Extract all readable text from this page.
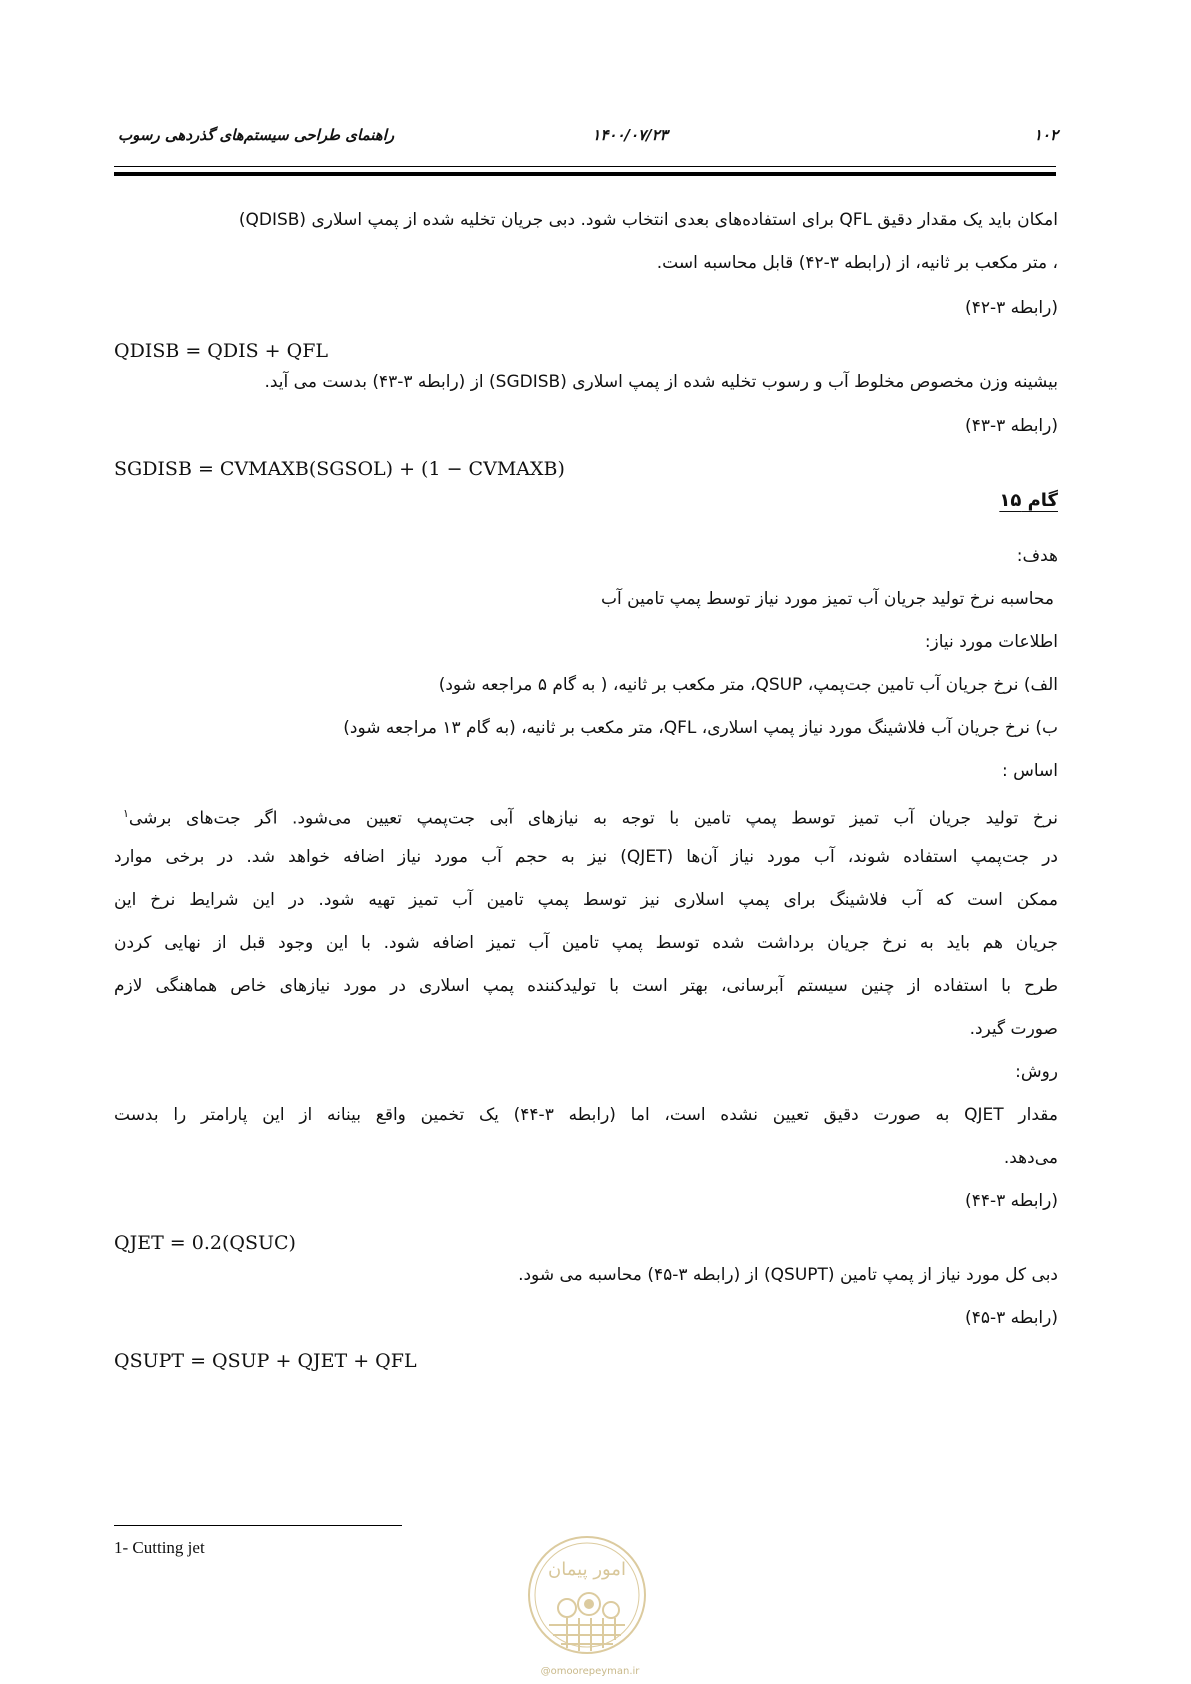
۱۰۲
۱۴۰۰/۰۷/۲۳
راهنمای طراحی سیستم‌های گذردهی رسوب
امکان باید یک مقدار دقیق QFL برای استفاده‌های بعدی انتخاب شود. دبی جریان تخلیه شده از پمپ اسلاری (QDISB)
، متر مکعب بر ثانیه، از (رابطه ۳-۴۲) قابل محاسبه است.
(رابطه ۳-۴۲)
QDISB = QDIS + QFL
بیشینه وزن مخصوص مخلوط آب و رسوب تخلیه شده از پمپ اسلاری (SGDISB) از (رابطه ۳-۴۳) بدست می آید.
(رابطه ۳-۴۳)
SGDISB = CVMAXB(SGSOL) + (1 − CVMAXB)
گام ۱۵
هدف:
محاسبه نرخ تولید جریان آب تمیز مورد نیاز توسط پمپ تامین آب
اطلاعات مورد نیاز:
الف) نرخ جریان آب تامین جت‌پمپ، QSUP، متر مکعب بر ثانیه، ( به گام ۵ مراجعه شود)
ب) نرخ جریان آب فلاشینگ مورد نیاز پمپ اسلاری، QFL، متر مکعب بر ثانیه، (به گام ۱۳ مراجعه شود)
اساس :
نرخ تولید جریان آب تمیز توسط پمپ تامین با توجه به نیازهای آبی جت‌پمپ تعیین می‌شود. اگر جت‌های برشی$^۱$
در جت‌پمپ استفاده شوند، آب مورد نیاز آن‌ها (QJET) نیز به حجم آب مورد نیاز اضافه خواهد شد. در برخی موارد
ممکن است که آب فلاشینگ برای پمپ اسلاری نیز توسط پمپ تامین آب تمیز تهیه شود. در این شرایط نرخ این
جریان هم باید به نرخ جریان برداشت شده توسط پمپ تامین آب تمیز اضافه شود. با این وجود قبل از نهایی کردن
طرح با استفاده از چنین سیستم آبرسانی، بهتر است با تولیدکننده پمپ اسلاری در مورد نیازهای خاص هماهنگی لازم
صورت گیرد.
روش:
مقدار QJET به صورت دقیق تعیین نشده است، اما (رابطه ۳-۴۴) یک تخمین واقع بینانه از این پارامتر را بدست
می‌دهد.
(رابطه ۳-۴۴)
QJET = 0.2(QSUC)
دبی کل مورد نیاز از پمپ تامین (QSUPT) از (رابطه ۳-۴۵) محاسبه می شود.
(رابطه ۳-۴۵)
QSUPT = QSUP + QJET + QFL
1- Cutting jet
امور پیمان
@omoorepeyman.ir
